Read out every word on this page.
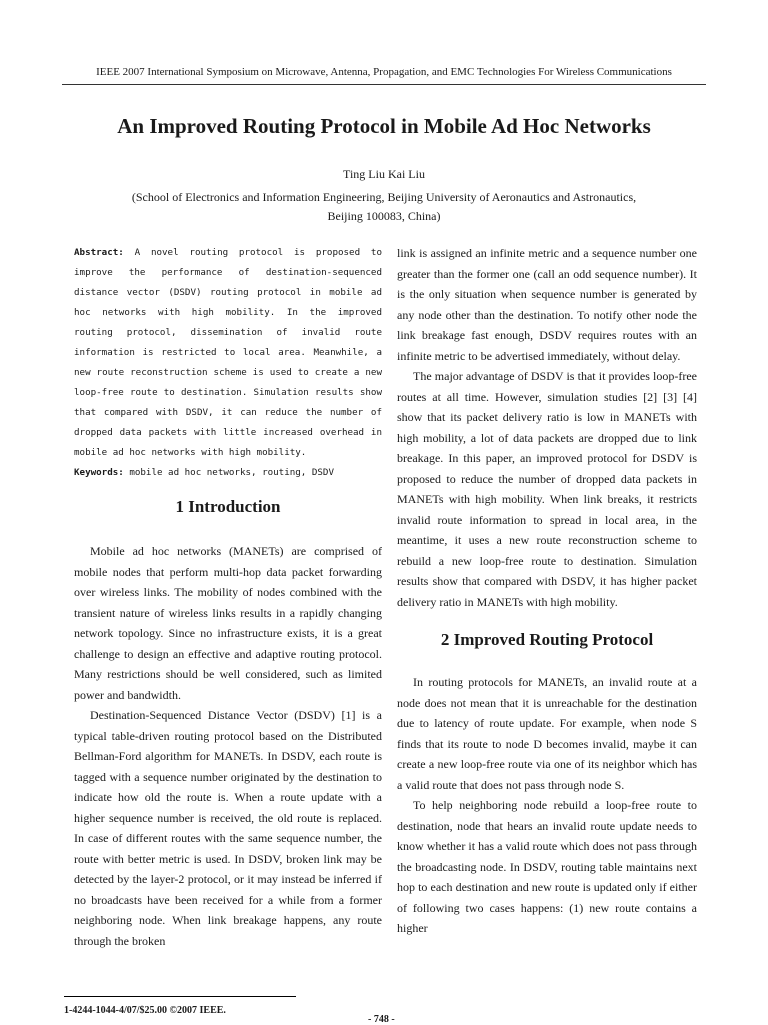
IEEE 2007 International Symposium on Microwave, Antenna, Propagation, and EMC Technologies For Wireless Communications
An Improved Routing Protocol in Mobile Ad Hoc Networks
Ting Liu Kai Liu
(School of Electronics and Information Engineering, Beijing University of Aeronautics and Astronautics,
Beijing 100083, China)
Abstract: A novel routing protocol is proposed to improve the performance of destination-sequenced distance vector (DSDV) routing protocol in mobile ad hoc networks with high mobility. In the improved routing protocol, dissemination of invalid route information is restricted to local area. Meanwhile, a new route reconstruction scheme is used to create a new loop-free route to destination. Simulation results show that compared with DSDV, it can reduce the number of dropped data packets with little increased overhead in mobile ad hoc networks with high mobility.
Keywords: mobile ad hoc networks, routing, DSDV

1 Introduction

Mobile ad hoc networks (MANETs) are comprised of mobile nodes that perform multi-hop data packet forwarding over wireless links. The mobility of nodes combined with the transient nature of wireless links results in a rapidly changing network topology. Since no infrastructure exists, it is a great challenge to design an effective and adaptive routing protocol. Many restrictions should be well considered, such as limited power and bandwidth.

Destination-Sequenced Distance Vector (DSDV) [1] is a typical table-driven routing protocol based on the Distributed Bellman-Ford algorithm for MANETs. In DSDV, each route is tagged with a sequence number originated by the destination to indicate how old the route is. When a route update with a higher sequence number is received, the old route is replaced. In case of different routes with the same sequence number, the route with better metric is used. In DSDV, broken link may be detected by the layer-2 protocol, or it may instead be inferred if no broadcasts have been received for a while from a former neighboring node. When link breakage happens, any route through the broken

link is assigned an infinite metric and a sequence number one greater than the former one (call an odd sequence number). It is the only situation when sequence number is generated by any node other than the destination. To notify other node the link breakage fast enough, DSDV requires routes with an infinite metric to be advertised immediately, without delay.

The major advantage of DSDV is that it provides loop-free routes at all time. However, simulation studies [2] [3] [4] show that its packet delivery ratio is low in MANETs with high mobility, a lot of data packets are dropped due to link breakage. In this paper, an improved protocol for DSDV is proposed to reduce the number of dropped data packets in MANETs with high mobility. When link breaks, it restricts invalid route information to spread in local area, in the meantime, it uses a new route reconstruction scheme to rebuild a new loop-free route to destination. Simulation results show that compared with DSDV, it has higher packet delivery ratio in MANETs with high mobility.

2 Improved Routing Protocol

In routing protocols for MANETs, an invalid route at a node does not mean that it is unreachable for the destination due to latency of route update. For example, when node S finds that its route to node D becomes invalid, maybe it can create a new loop-free route via one of its neighbor which has a valid route that does not pass through node S.

To help neighboring node rebuild a loop-free route to destination, node that hears an invalid route update needs to know whether it has a valid route which does not pass through the broadcasting node. In DSDV, routing table maintains next hop to each destination and new route is updated only if either of following two cases happens: (1) new route contains a higher

1-4244-1044-4/07/$25.00 ©2007 IEEE.
- 748 -
